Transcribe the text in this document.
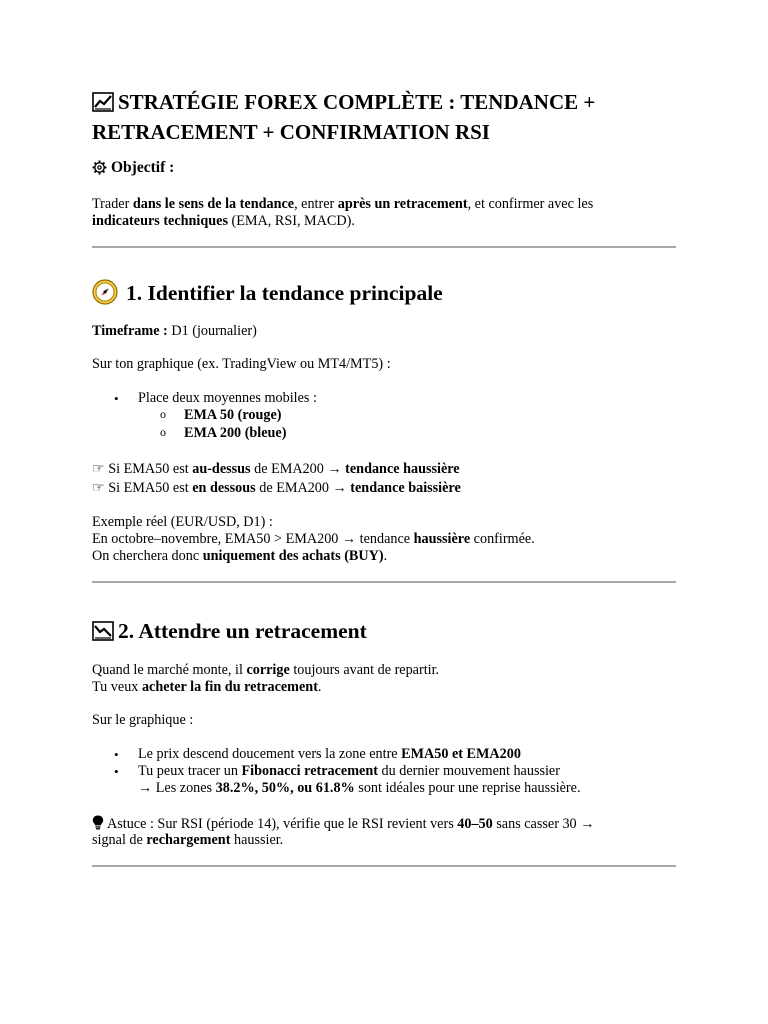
STRATÉGIE FOREX COMPLÈTE : TENDANCE +
RETRACEMENT + CONFIRMATION RSI
Objectif :
Trader dans le sens de la tendance, entrer après un retracement, et confirmer avec les
indicateurs techniques (EMA, RSI, MACD).
1. Identifier la tendance principale
Timeframe : D1 (journalier)
Sur ton graphique (ex. TradingView ou MT4/MT5) :
• Place deux moyennes mobiles :
o EMA 50 (rouge)
o EMA 200 (bleue)
☞ Si EMA50 est au-dessus de EMA200 → tendance haussière
☞ Si EMA50 est en dessous de EMA200 → tendance baissière
Exemple réel (EUR/USD, D1) :
En octobre–novembre, EMA50 > EMA200 → tendance haussière confirmée.
On cherchera donc uniquement des achats (BUY).
2. Attendre un retracement
Quand le marché monte, il corrige toujours avant de repartir.
Tu veux acheter la fin du retracement.
Sur le graphique :
• Le prix descend doucement vers la zone entre EMA50 et EMA200
• Tu peux tracer un Fibonacci retracement du dernier mouvement haussier
→ Les zones 38.2%, 50%, ou 61.8% sont idéales pour une reprise haussière.
Astuce : Sur RSI (période 14), vérifie que le RSI revient vers 40–50 sans casser 30 →
signal de rechargement haussier.
